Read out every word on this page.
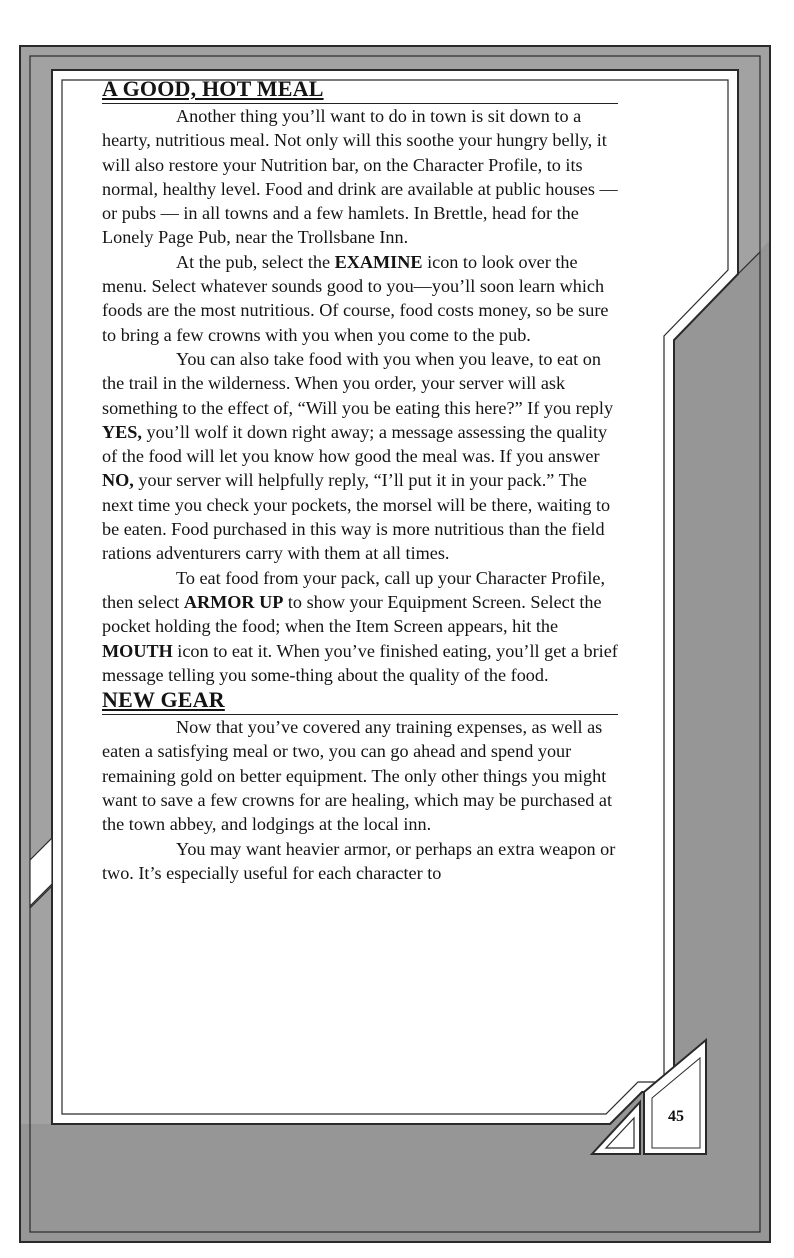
A GOOD, HOT MEAL

Another thing you’ll want to do in town is sit down to a hearty, nutritious meal. Not only will this soothe your hungry belly, it will also restore your Nutrition bar, on the Character Profile, to its normal, healthy level. Food and drink are available at public houses — or pubs — in all towns and a few hamlets. In Brettle, head for the Lonely Page Pub, near the Trollsbane Inn.

At the pub, select the EXAMINE icon to look over the menu. Select whatever sounds good to you—you’ll soon learn which foods are the most nutritious. Of course, food costs money, so be sure to bring a few crowns with you when you come to the pub.

You can also take food with you when you leave, to eat on the trail in the wilderness. When you order, your server will ask something to the effect of, “Will you be eating this here?” If you reply YES, you’ll wolf it down right away; a message assessing the quality of the food will let you know how good the meal was. If you answer NO, your server will helpfully reply, “I’ll put it in your pack.” The next time you check your pockets, the morsel will be there, waiting to be eaten. Food purchased in this way is more nutritious than the field rations adventurers carry with them at all times.

To eat food from your pack, call up your Character Profile, then select ARMOR UP to show your Equipment Screen. Select the pocket holding the food; when the Item Screen appears, hit the MOUTH icon to eat it. When you’ve finished eating, you’ll get a brief message telling you some-thing about the quality of the food.

NEW GEAR

Now that you’ve covered any training expenses, as well as eaten a satisfying meal or two, you can go ahead and spend your remaining gold on better equipment. The only other things you might want to save a few crowns for are healing, which may be purchased at the town abbey, and lodgings at the local inn.

You may want heavier armor, or perhaps an extra weapon or two. It’s especially useful for each character to

45
